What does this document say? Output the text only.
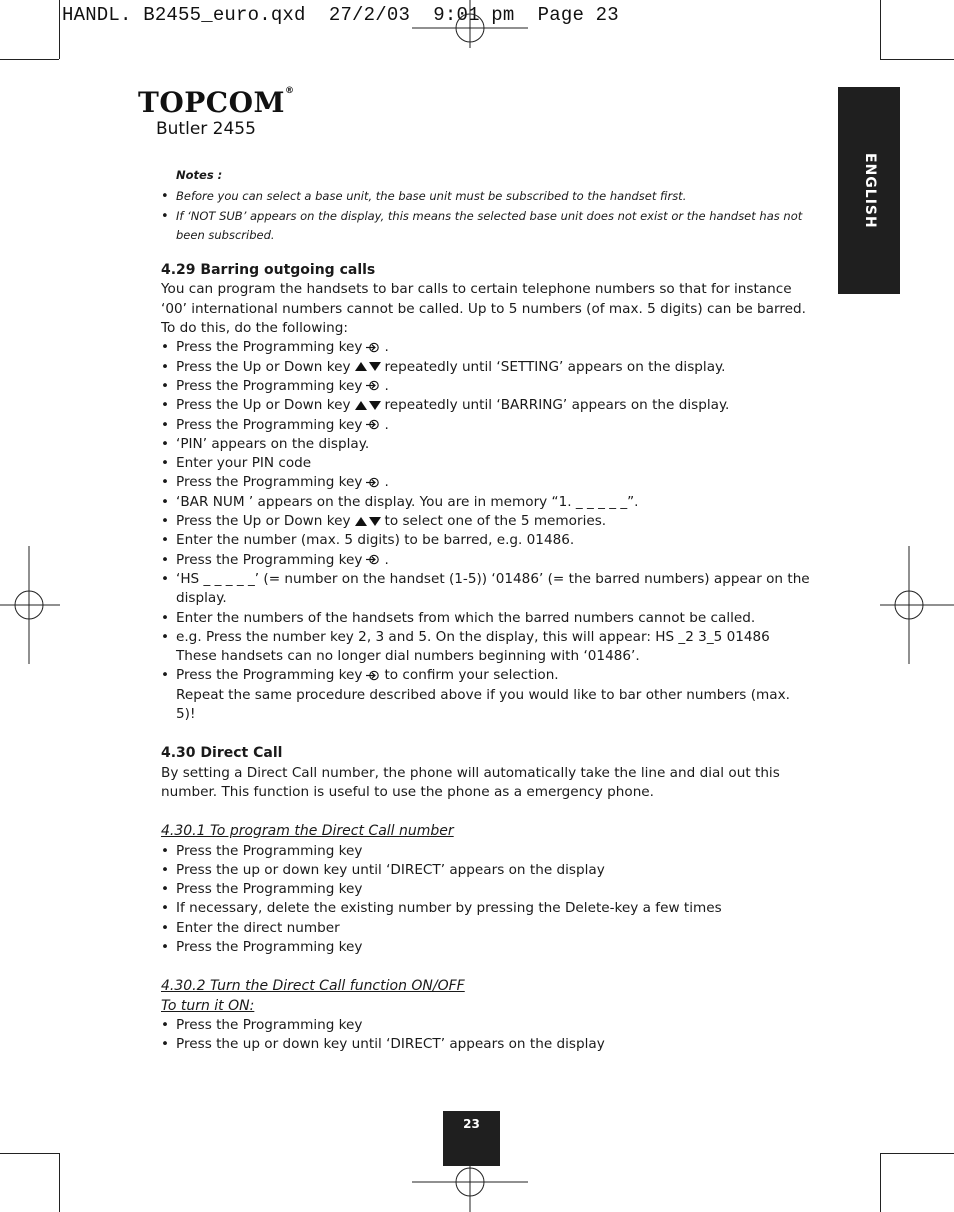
HANDL. B2455_euro.qxd  27/2/03  9:01 pm  Page 23
TOPCOM®
Butler 2455
ENGLISH
Notes :
• Before you can select a base unit, the base unit must be subscribed to the handset first.
• If ‘NOT SUB’ appears on the display, this means the selected base unit does not exist or the handset has not been subscribed.
4.29 Barring outgoing calls

You can program the handsets to bar calls to certain telephone numbers so that for instance ‘00’ international numbers cannot be called. Up to 5 numbers (of max. 5 digits) can be barred.

To do this, do the following:

• Press the Programming key .
• Press the Up or Down key	repeatedly until ‘SETTING’ appears on the display.
• Press the Programming key .
• Press the Up or Down key	repeatedly until ‘BARRING’ appears on the display.
• Press the Programming key .
• ‘PIN’ appears on the display.
• Enter your PIN code
• Press the Programming key .
• ‘BAR NUM ’ appears on the display. You are in memory “1. _ _ _ _ _”.
• Press the Up or Down key	to select one of the 5 memories.
• Enter the number (max. 5 digits) to be barred, e.g. 01486.
• Press the Programming key .
• ‘HS _ _ _ _ _’ (= number on the handset (1-5)) ‘01486’ (= the barred numbers) appear on the display.
• Enter the numbers of the handsets from which the barred numbers cannot be called.
• e.g. Press the number key 2, 3 and 5. On the display, this will appear: HS _2 3_5 01486
These handsets can no longer dial numbers beginning with ‘01486’.
• Press the Programming key to confirm your selection.
Repeat the same procedure described above if you would like to bar other numbers (max. 5)!
4.30 Direct Call

By setting a Direct Call number, the phone will automatically take the line and dial out this number. This function is useful to use the phone as a emergency phone.

4.30.1 To program the Direct Call number

• Press the Programming key
• Press the up or down key until ‘DIRECT’ appears on the display
• Press the Programming key
• If necessary, delete the existing number by pressing the Delete-key a few times
• Enter the direct number
• Press the Programming key

4.30.2 Turn the Direct Call function ON/OFF

To turn it ON:

• Press the Programming key
• Press the up or down key until ‘DIRECT’ appears on the display
23
